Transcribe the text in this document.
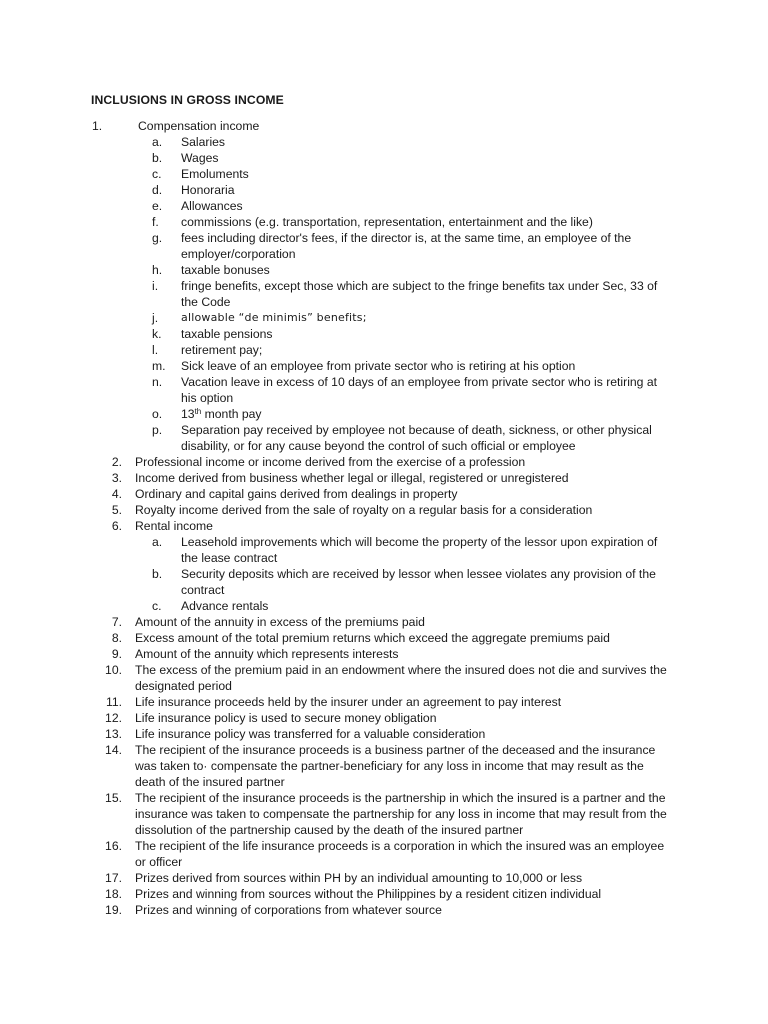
INCLUSIONS IN GROSS INCOME
1.	Compensation income
a.	Salaries
b.	Wages
c.	Emoluments
d.	Honoraria
e.	Allowances
f.	commissions (e.g. transportation, representation, entertainment and the like)
g.	fees including director's fees, if the director is, at the same time, an employee of the employer/corporation
h.	taxable bonuses
i.	fringe benefits, except those which are subject to the fringe benefits tax under Sec, 33 of the Code
j.	allowable “de minimis” benefits;
k.	taxable pensions
l.	retirement pay;
m.	Sick leave of an employee from private sector who is retiring at his option
n.	Vacation leave in excess of 10 days of an employee from private sector who is retiring at his option
o.	13th month pay
p.	Separation pay received by employee not because of death, sickness, or other physical disability, or for any cause beyond the control of such official or employee
2. Professional income or income derived from the exercise of a profession
3. Income derived from business whether legal or illegal, registered or unregistered
4. Ordinary and capital gains derived from dealings in property
5. Royalty income derived from the sale of royalty on a regular basis for a consideration
6. Rental income
a.	Leasehold improvements which will become the property of the lessor upon expiration of the lease contract
b.	Security deposits which are received by lessor when lessee violates any provision of the contract
c.	Advance rentals
7. Amount of the annuity in excess of the premiums paid
8. Excess amount of the total premium returns which exceed the aggregate premiums paid
9. Amount of the annuity which represents interests
10. The excess of the premium paid in an endowment where the insured does not die and survives the designated period
11. Life insurance proceeds held by the insurer under an agreement to pay interest
12. Life insurance policy is used to secure money obligation
13. Life insurance policy was transferred for a valuable consideration
14. The recipient of the insurance proceeds is a business partner of the deceased and the insurance was taken to· compensate the partner-beneficiary for any loss in income that may result as the death of the insured partner
15. The recipient of the insurance proceeds is the partnership in which the insured is a partner and the insurance was taken to compensate the partnership for any loss in income that may result from the dissolution of the partnership caused by the death of the insured partner
16. The recipient of the life insurance proceeds is a corporation in which the insured was an employee or officer
17. Prizes derived from sources within PH by an individual amounting to 10,000 or less
18. Prizes and winning from sources without the Philippines by a resident citizen individual
19. Prizes and winning of corporations from whatever source
